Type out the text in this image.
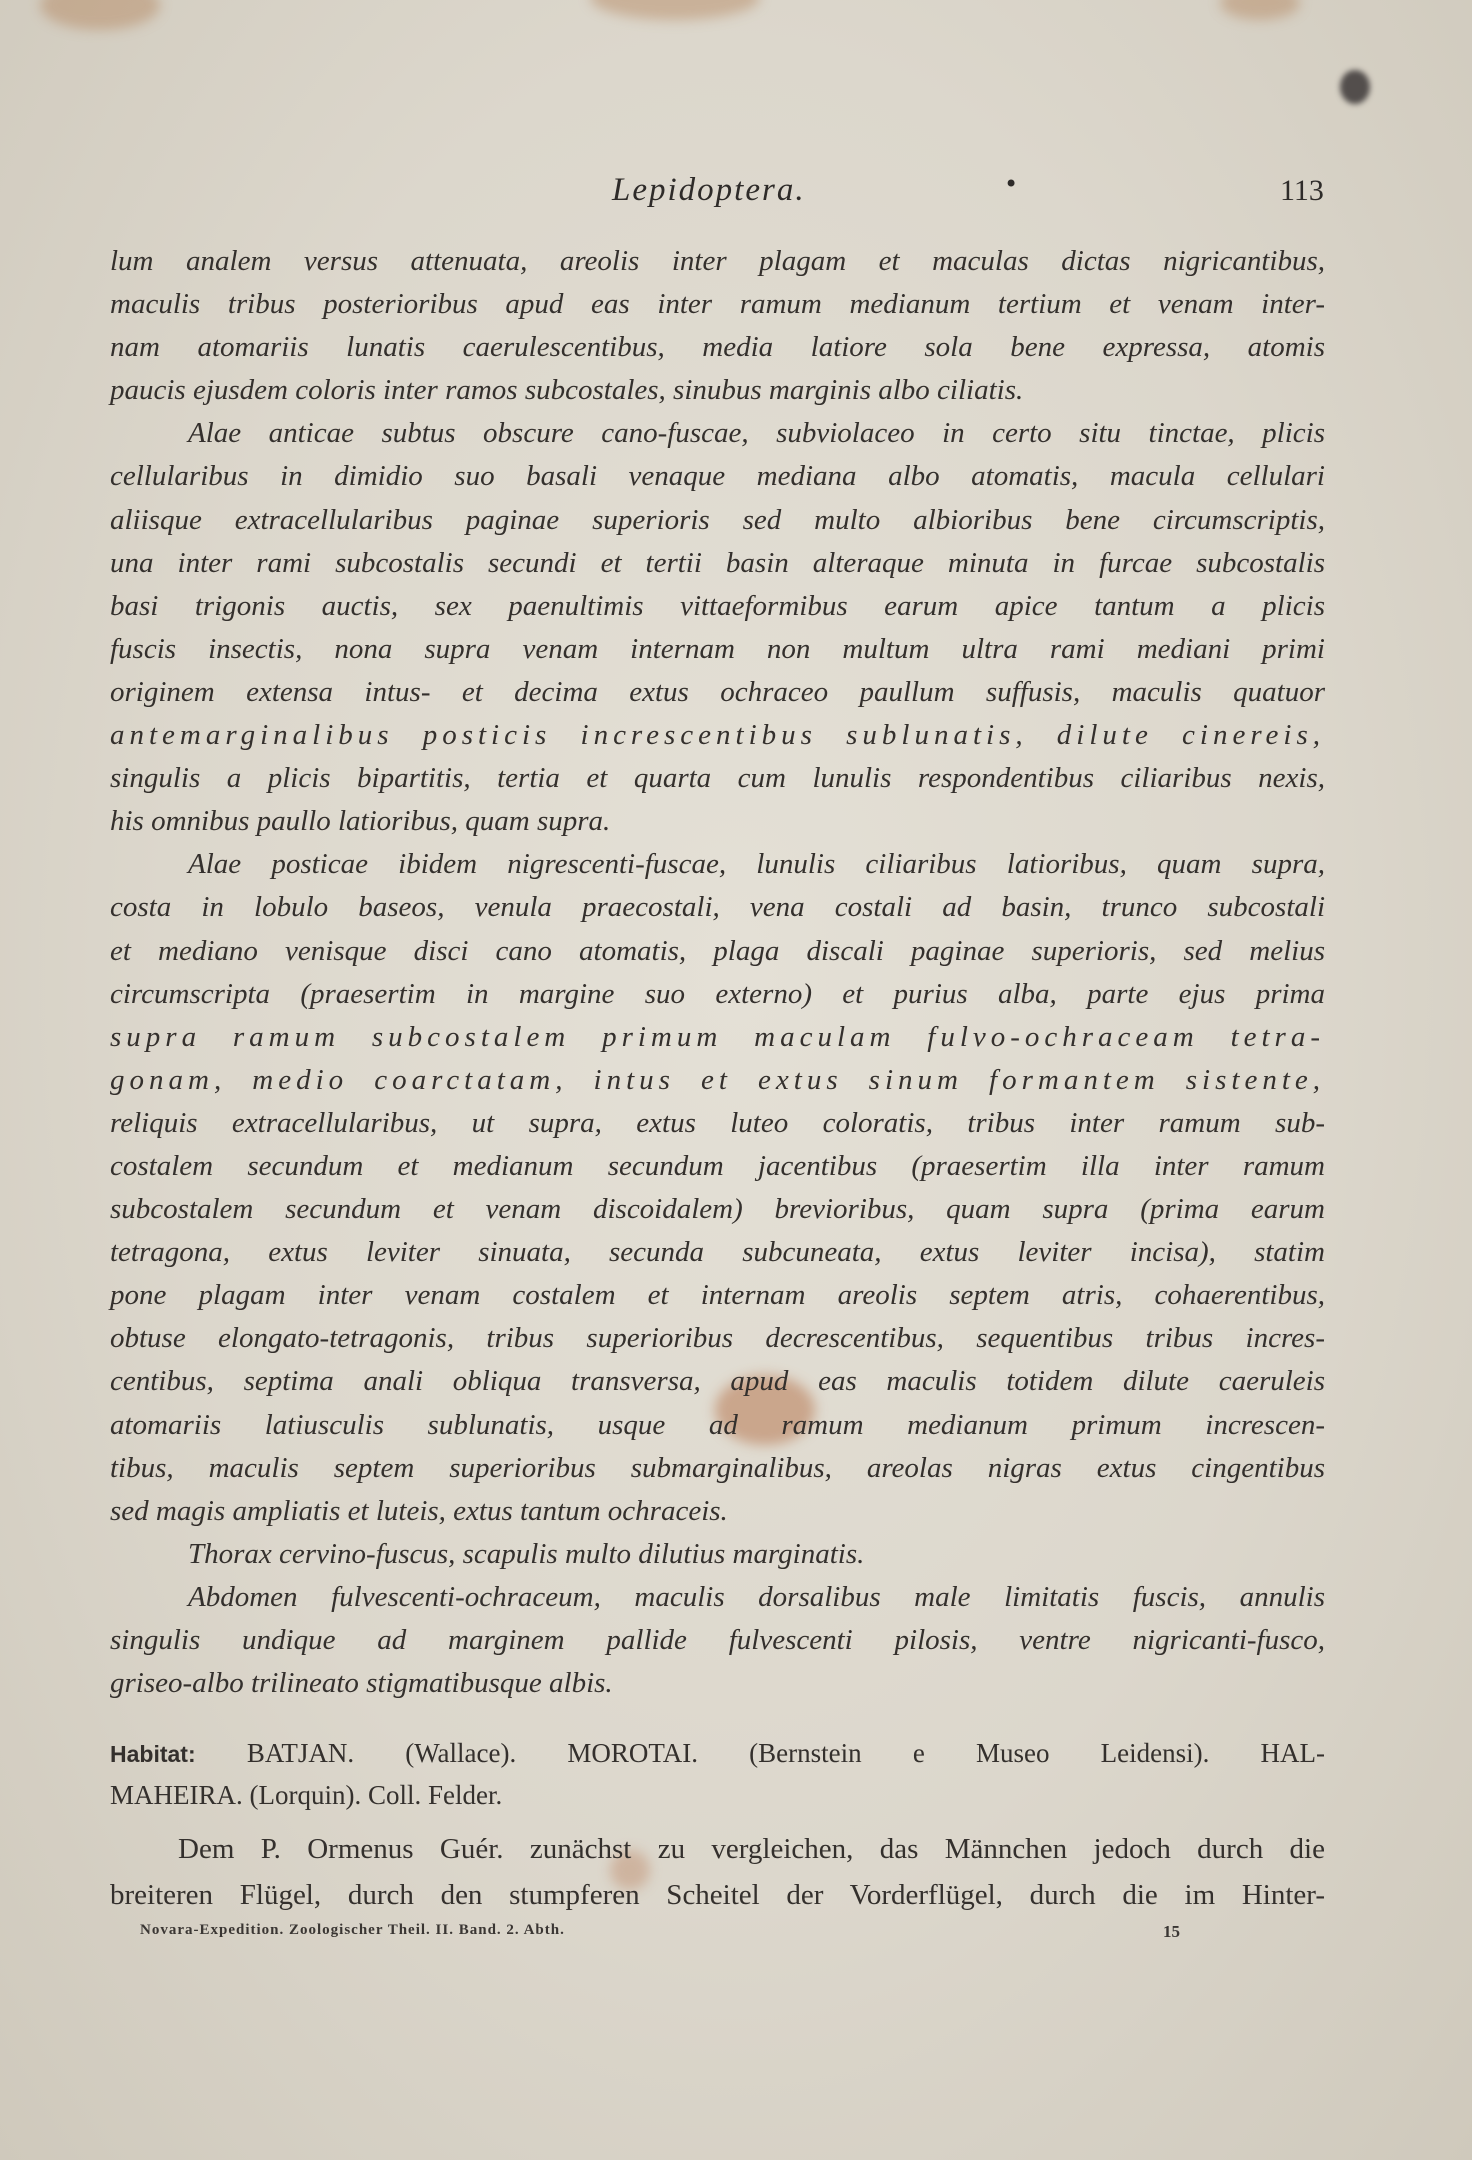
Lepidoptera.	•	113
lum analem versus attenuata, areolis inter plagam et maculas dictas nigricantibus,
maculis tribus posterioribus apud eas inter ramum medianum tertium et venam inter-
nam atomariis lunatis caerulescentibus, media latiore sola bene expressa, atomis
paucis ejusdem coloris inter ramos subcostales, sinubus marginis albo ciliatis.
Alae anticae subtus obscure cano-fuscae, subviolaceo in certo situ tinctae, plicis
cellularibus in dimidio suo basali venaque mediana albo atomatis, macula cellulari
aliisque extracellularibus paginae superioris sed multo albioribus bene circumscriptis,
una inter rami subcostalis secundi et tertii basin alteraque minuta in furcae subcostalis
basi trigonis auctis, sex paenultimis vittaeformibus earum apice tantum a plicis
fuscis insectis, nona supra venam internam non multum ultra rami mediani primi
originem extensa intus- et decima extus ochraceo paullum suffusis, maculis quatuor
antemarginalibus posticis increscentibus sublunatis, dilute cinereis,
singulis a plicis bipartitis, tertia et quarta cum lunulis respondentibus ciliaribus nexis,
his omnibus paullo latioribus, quam supra.
Alae posticae ibidem nigrescenti-fuscae, lunulis ciliaribus latioribus, quam supra,
costa in lobulo baseos, venula praecostali, vena costali ad basin, trunco subcostali
et mediano venisque disci cano atomatis, plaga discali paginae superioris, sed melius
circumscripta (praesertim in margine suo externo) et purius alba, parte ejus prima
supra ramum subcostalem primum maculam fulvo-ochraceam tetra-
gonam, medio coarctatam, intus et extus sinum formantem sistente,
reliquis extracellularibus, ut supra, extus luteo coloratis, tribus inter ramum sub-
costalem secundum et medianum secundum jacentibus (praesertim illa inter ramum
subcostalem secundum et venam discoidalem) brevioribus, quam supra (prima earum
tetragona, extus leviter sinuata, secunda subcuneata, extus leviter incisa), statim
pone plagam inter venam costalem et internam areolis septem atris, cohaerentibus,
obtuse elongato-tetragonis, tribus superioribus decrescentibus, sequentibus tribus incres-
centibus, septima anali obliqua transversa, apud eas maculis totidem dilute caeruleis
atomariis latiusculis sublunatis, usque ad ramum medianum primum increscen-
tibus, maculis septem superioribus submarginalibus, areolas nigras extus cingentibus
sed magis ampliatis et luteis, extus tantum ochraceis.
Thorax cervino-fuscus, scapulis multo dilutius marginatis.
Abdomen fulvescenti-ochraceum, maculis dorsalibus male limitatis fuscis, annulis
singulis undique ad marginem pallide fulvescenti pilosis, ventre nigricanti-fusco,
griseo-albo trilineato stigmatibusque albis.
Habitat: BATJAN. (Wallace). MOROTAI. (Bernstein e Museo Leidensi). HAL-
MAHEIRA. (Lorquin). Coll. Felder.
Dem P. Ormenus Guér. zunächst zu vergleichen, das Männchen jedoch durch die
breiteren Flügel, durch den stumpferen Scheitel der Vorderflügel, durch die im Hinter-
Novara-Expedition. Zoologischer Theil. II. Band. 2. Abth.	15
